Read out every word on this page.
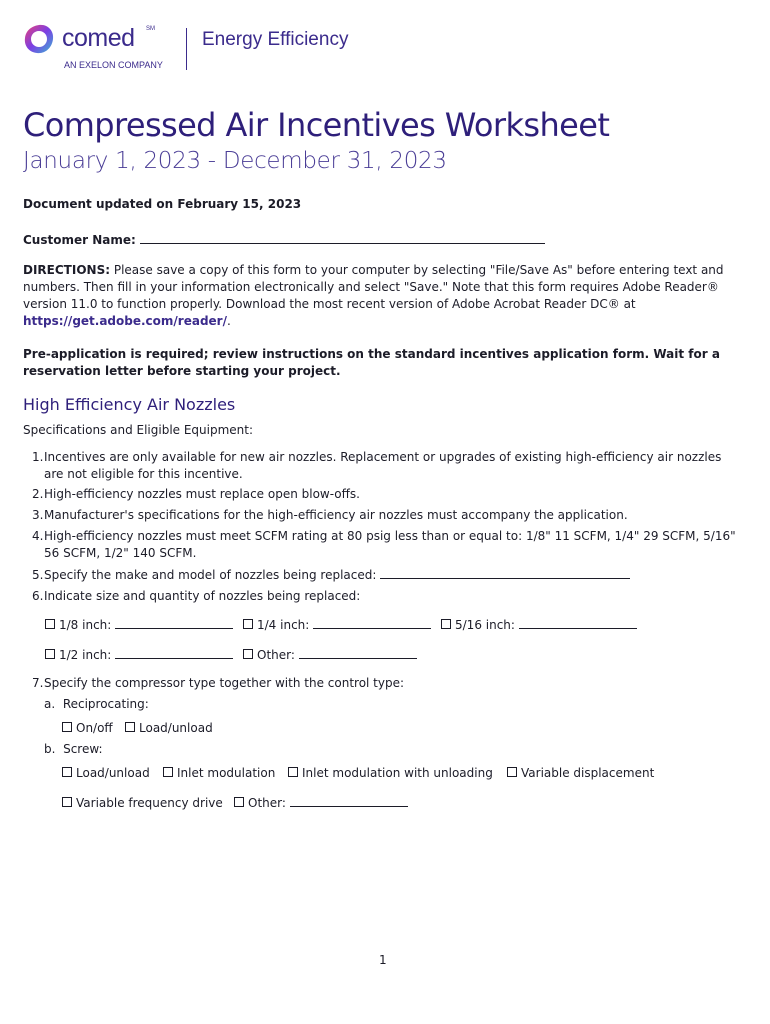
comed SM
AN EXELON COMPANY
Energy Efficiency
Compressed Air Incentives Worksheet
January 1, 2023 - December 31, 2023
Document updated on February 15, 2023
Customer Name:
DIRECTIONS: Please save a copy of this form to your computer by selecting "File/Save As" before entering text and numbers. Then fill in your information electronically and select "Save." Note that this form requires Adobe Reader® version 11.0 to function properly. Download the most recent version of Adobe Acrobat Reader DC® at https://get.adobe.com/reader/.
Pre-application is required; review instructions on the standard incentives application form. Wait for a reservation letter before starting your project.
High Efficiency Air Nozzles
Specifications and Eligible Equipment:
1.Incentives are only available for new air nozzles. Replacement or upgrades of existing high-efficiency air nozzles are not eligible for this incentive.
2.High-efficiency nozzles must replace open blow-offs.
3.Manufacturer's specifications for the high-efficiency air nozzles must accompany the application.
4.High-efficiency nozzles must meet SCFM rating at 80 psig less than or equal to: 1/8" 11 SCFM, 1/4" 29 SCFM, 5/16" 56 SCFM, 1/2" 140 SCFM.
5.Specify the make and model of nozzles being replaced:
6.Indicate size and quantity of nozzles being replaced:
1/8 inch:	1/4 inch:	5/16 inch:
1/2 inch:	Other:
7.Specify the compressor type together with the control type:
a. Reciprocating:
On/off	Load/unload
b. Screw:
Load/unload	Inlet modulation	Inlet modulation with unloading	Variable displacement
Variable frequency drive	Other:
1
